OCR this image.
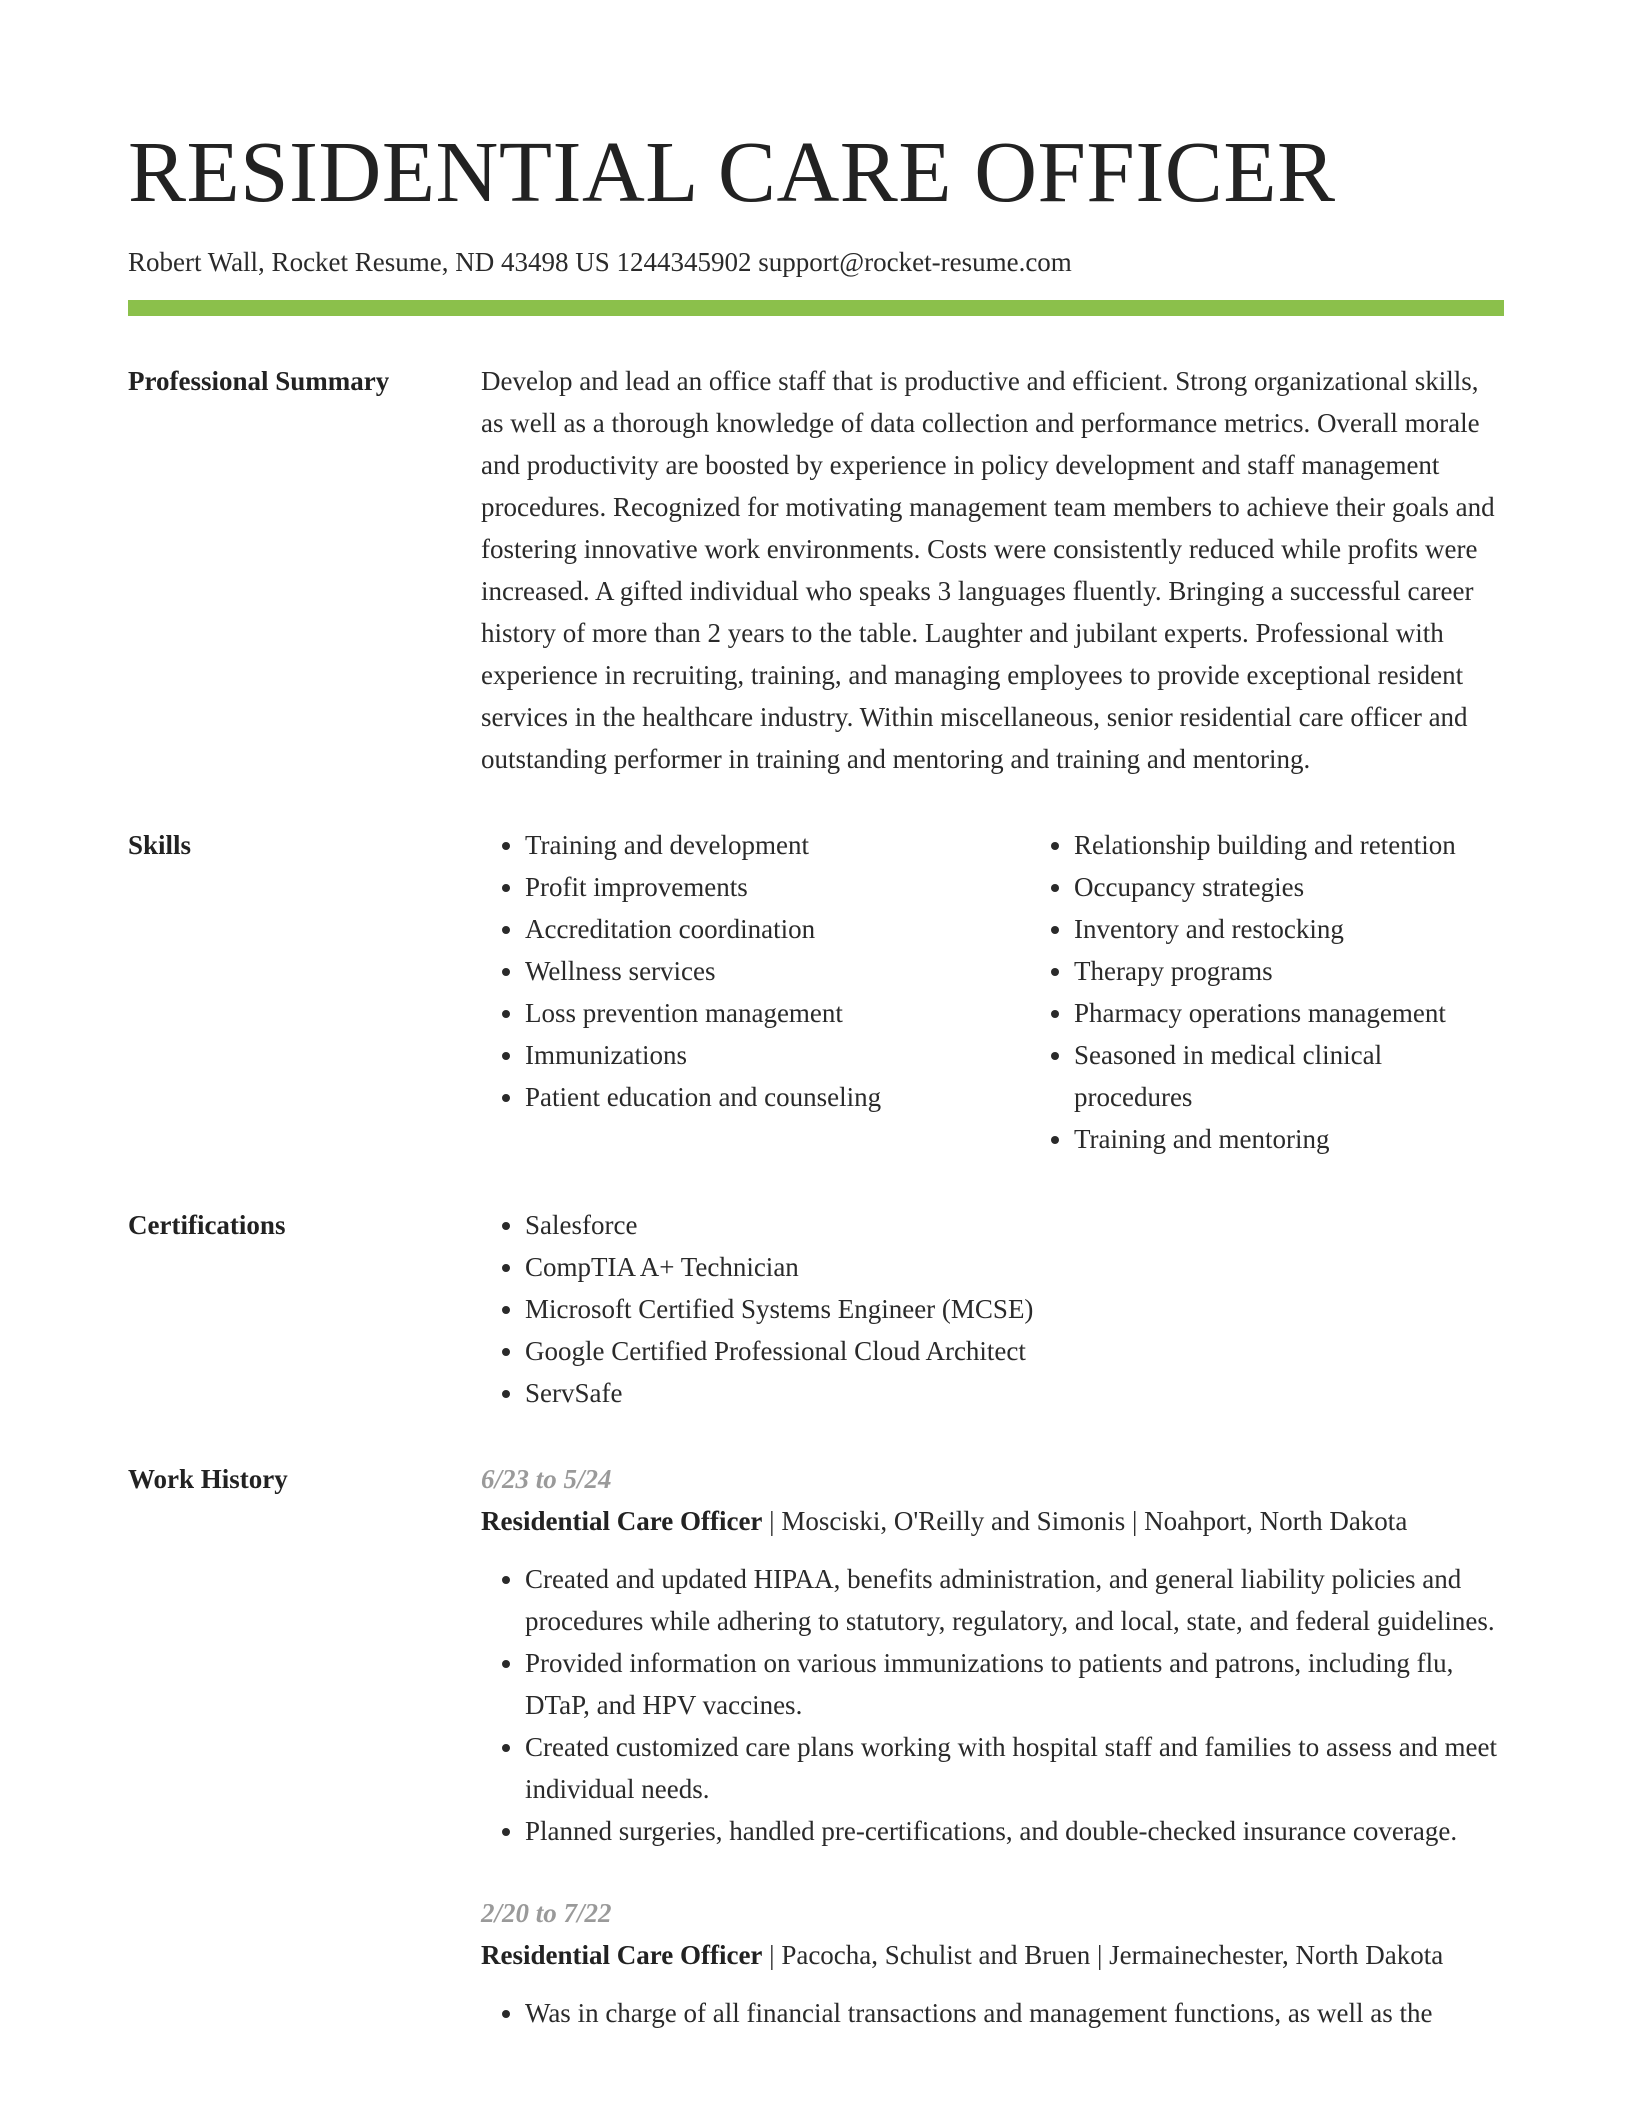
RESIDENTIAL CARE OFFICER
Robert Wall, Rocket Resume, ND 43498 US 1244345902 support@rocket-resume.com
Professional Summary	Develop and lead an office staff that is productive and efficient. Strong organizational skills, as well as a thorough knowledge of data collection and performance metrics. Overall morale and productivity are boosted by experience in policy development and staff management procedures. Recognized for motivating management team members to achieve their goals and fostering innovative work environments. Costs were consistently reduced while profits were increased. A gifted individual who speaks 3 languages fluently. Bringing a successful career history of more than 2 years to the table. Laughter and jubilant experts. Professional with experience in recruiting, training, and managing employees to provide exceptional resident services in the healthcare industry. Within miscellaneous, senior residential care officer and outstanding performer in training and mentoring and training and mentoring.

Skills	• Training and development
• Profit improvements
• Accreditation coordination
• Wellness services
• Loss prevention management
• Immunizations
• Patient education and counseling
• Relationship building and retention
• Occupancy strategies
• Inventory and restocking
• Therapy programs
• Pharmacy operations management
• Seasoned in medical clinical procedures
• Training and mentoring
Certifications	• Salesforce
• CompTIA A+ Technician
• Microsoft Certified Systems Engineer (MCSE)
• Google Certified Professional Cloud Architect
• ServSafe
Work History	6/23 to 5/24
Residential Care Officer | Mosciski, O'Reilly and Simonis | Noahport, North Dakota
• Created and updated HIPAA, benefits administration, and general liability policies and procedures while adhering to statutory, regulatory, and local, state, and federal guidelines.
• Provided information on various immunizations to patients and patrons, including flu, DTaP, and HPV vaccines.
• Created customized care plans working with hospital staff and families to assess and meet individual needs.
• Planned surgeries, handled pre-certifications, and double-checked insurance coverage.
2/20 to 7/22
Residential Care Officer | Pacocha, Schulist and Bruen | Jermainechester, North Dakota
• Was in charge of all financial transactions and management functions, as well as the
